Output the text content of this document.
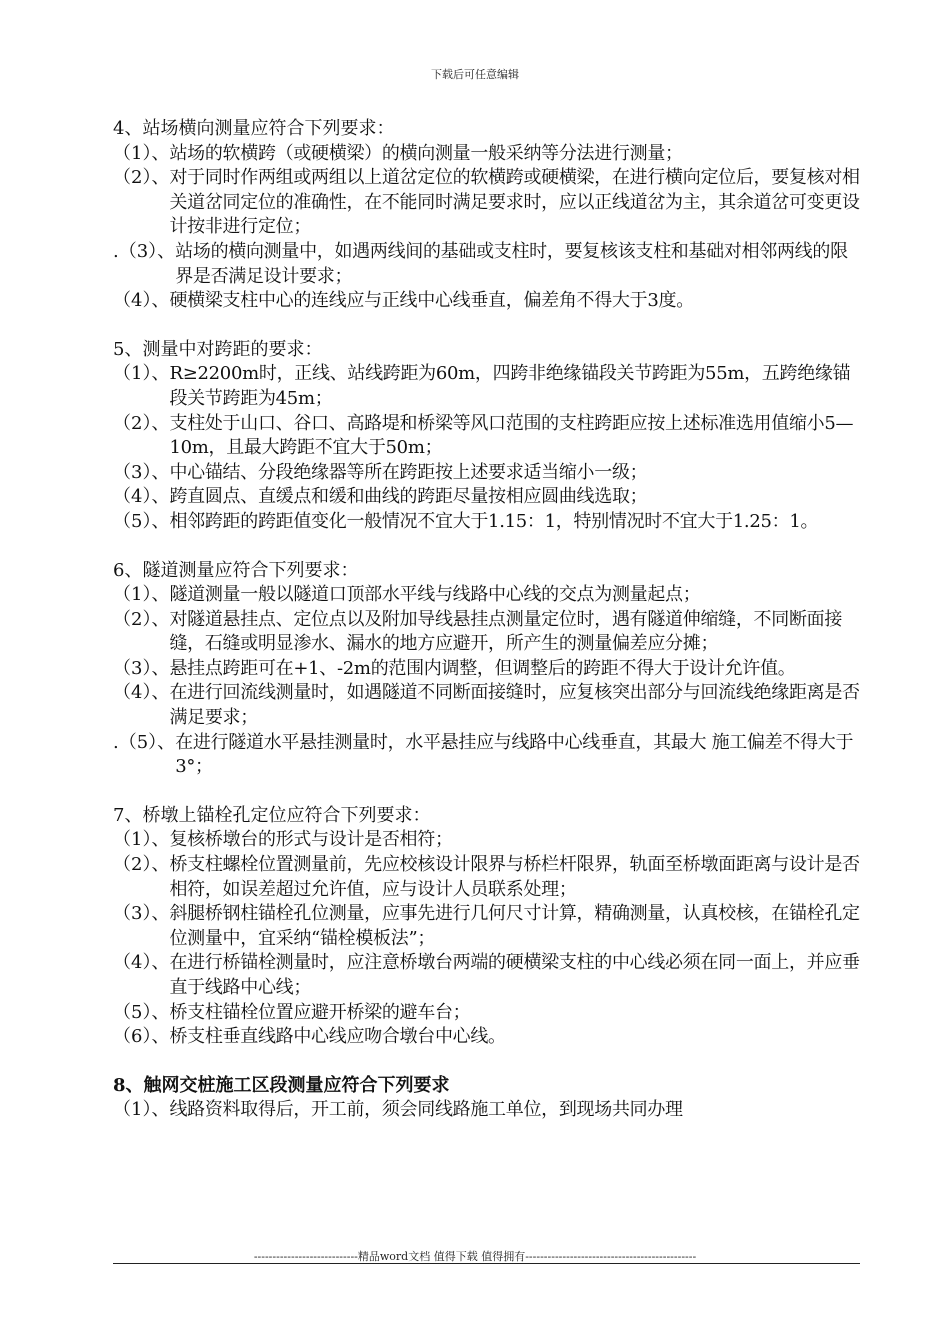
下载后可任意编辑
4、站场横向测量应符合下列要求：
（1）、 站场的软横跨（或硬横梁）的横向测量一般采纳等分法进行测量；
（2）、 对于同时作两组或两组以上道岔定位的软横跨或硬横梁，在进行横向定位后，要复核对相关道岔同定位的准确性，在不能同时满足要求时，应以正线道岔为主，其余道岔可变更设计按非进行定位；
.（3）、 站场的横向测量中，如遇两线间的基础或支柱时，要复核该支柱和基础对相邻两线的限界是否满足设计要求；
（4）、 硬横梁支柱中心的连线应与正线中心线垂直，偏差角不得大于3度。
5、测量中对跨距的要求：
（1）、 R≥2200m时，正线、站线跨距为60m，四跨非绝缘锚段关节跨距为55m，五跨绝缘锚段关节跨距为45m；
（2）、 支柱处于山口、谷口、高路堤和桥梁等风口范围的支柱跨距应按上述标准选用值缩小5—10m，且最大跨距不宜大于50m；
（3）、 中心锚结、分段绝缘器等所在跨距按上述要求适当缩小一级；
（4）、 跨直圆点、直缓点和缓和曲线的跨距尽量按相应圆曲线选取；
（5）、 相邻跨距的跨距值变化一般情况不宜大于1.15：1，特别情况时不宜大于1.25：1。
6、隧道测量应符合下列要求：
（1）、 隧道测量一般以隧道口顶部水平线与线路中心线的交点为测量起点；
（2）、 对隧道悬挂点、定位点以及附加导线悬挂点测量定位时，遇有隧道伸缩缝，不同断面接缝，石缝或明显渗水、漏水的地方应避开，所产生的测量偏差应分摊；
（3）、 悬挂点跨距可在+1、-2m的范围内调整，但调整后的跨距不得大于设计允许值。
（4）、 在进行回流线测量时，如遇隧道不同断面接缝时，应复核突出部分与回流线绝缘距离是否满足要求；
.（5）、 在进行隧道水平悬挂测量时，水平悬挂应与线路中心线垂直，其最大 施工偏差不得大于3°；
7、桥墩上锚栓孔定位应符合下列要求：
（1）、 复核桥墩台的形式与设计是否相符；
（2）、 桥支柱螺栓位置测量前，先应校核设计限界与桥栏杆限界，轨面至桥墩面距离与设计是否相符，如误差超过允许值，应与设计人员联系处理；
（3）、 斜腿桥钢柱锚栓孔位测量，应事先进行几何尺寸计算，精确测量，认真校核，在锚栓孔定位测量中，宜采纳“锚栓模板法”；
（4）、 在进行桥锚栓测量时，应注意桥墩台两端的硬横梁支柱的中心线必须在同一面上，并应垂直于线路中心线；
（5）、 桥支柱锚栓位置应避开桥梁的避车台；
（6）、 桥支柱垂直线路中心线应吻合墩台中心线。
8、触网交桩施工区段测量应符合下列要求
（1）、 线路资料取得后，开工前，须会同线路施工单位，到现场共同办理
----------------------------精品word文档 值得下载 值得拥有----------------------------------------------
